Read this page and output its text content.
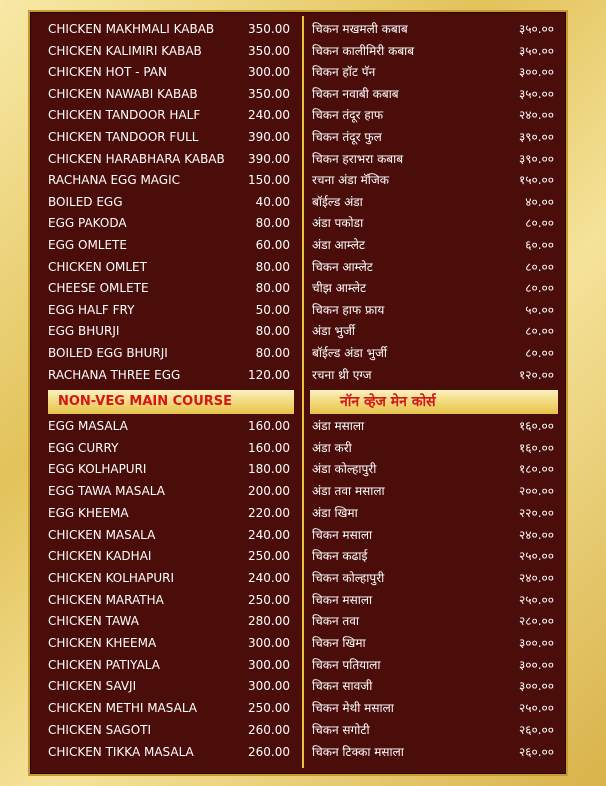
CHICKEN MAKHMALI KABAB	350.00 चिकन मखमली कबाब	३५०.००
CHICKEN KALIMIRI KABAB	350.00 चिकन कालीमिरी कबाब	३५०.००
CHICKEN HOT - PAN	300.00 चिकन हॉट पॅन	३००.००
CHICKEN NAWABI KABAB	350.00 चिकन नवाबी कबाब	३५०.००
CHICKEN TANDOOR HALF	240.00 चिकन तंदूर हाफ	२४०.००
CHICKEN TANDOOR FULL	390.00 चिकन तंदूर फुल	३९०.००
CHICKEN HARABHARA KABAB	390.00 चिकन हराभरा कबाब	३९०.००
RACHANA EGG MAGIC	150.00 रचना अंडा मॅजिक	१५०.००
BOILED EGG	40.00 बॉईल्ड अंडा	४०.००
EGG PAKODA	80.00 अंडा पकोडा	८०.००
EGG OMLETE	60.00 अंडा आम्लेट	६०.००
CHICKEN OMLET	80.00 चिकन आम्लेट	८०.००
CHEESE OMLETE	80.00 चीझ आम्लेट	८०.००
EGG HALF FRY	50.00 चिकन हाफ फ्राय	५०.००
EGG BHURJI	80.00 अंडा भुर्जी	८०.००
BOILED EGG BHURJI	80.00 बॉईल्ड अंडा भुर्जी	८०.००
RACHANA THREE EGG	120.00 रचना थ्री एग्ज	१२०.००
NON-VEG MAIN COURSE	नॉन व्हेज मेन कोर्स
EGG MASALA	160.00 अंडा मसाला	१६०.००
EGG CURRY	160.00 अंडा करी	१६०.००
EGG KOLHAPURI	180.00 अंडा कोल्हापुरी	१८०.००
EGG TAWA MASALA	200.00 अंडा तवा मसाला	२००.००
EGG KHEEMA	220.00 अंडा खिमा	२२०.००
CHICKEN MASALA	240.00 चिकन मसाला	२४०.००
CHICKEN KADHAI	250.00 चिकन कढाई	२५०.००
CHICKEN KOLHAPURI	240.00 चिकन कोल्हापुरी	२४०.००
CHICKEN MARATHA	250.00 चिकन मसाला	२५०.००
CHICKEN TAWA	280.00 चिकन तवा	२८०.००
CHICKEN KHEEMA	300.00 चिकन खिमा	३००.००
CHICKEN PATIYALA	300.00 चिकन पतियाला	३००.००
CHICKEN SAVJI	300.00 चिकन सावजी	३००.००
CHICKEN METHI MASALA	250.00 चिकन मेथी मसाला	२५०.००
CHICKEN SAGOTI	260.00 चिकन सगोटी	२६०.००
CHICKEN TIKKA MASALA	260.00 चिकन टिक्का मसाला	२६०.००
